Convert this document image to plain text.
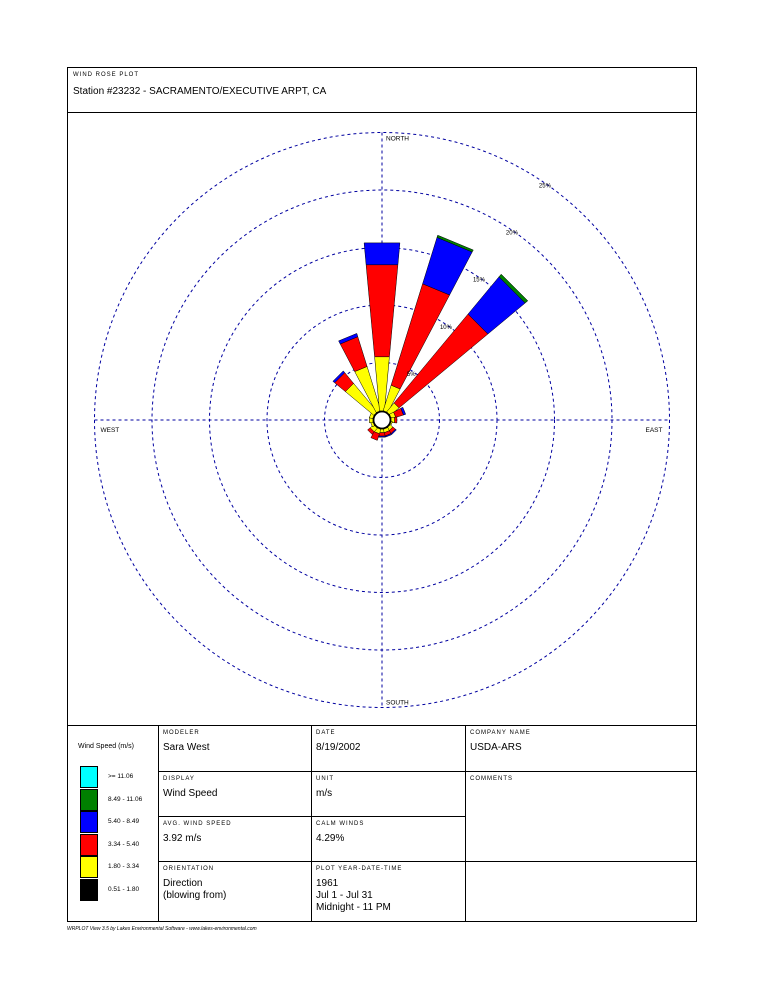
WIND ROSE PLOT
Station #23232 - SACRAMENTO/EXECUTIVE ARPT, CA
5%
10%
15%
20%
25%
NORTH
SOUTH
EAST
WEST
Wind Speed (m/s)
>= 11.06
8.49 - 11.06
5.40 - 8.49
3.34 - 5.40
1.80 - 3.34
0.51 - 1.80
MODELER
Sara West
DATE
8/19/2002
COMPANY NAME
USDA-ARS
DISPLAY
Wind Speed
UNIT
m/s
COMMENTS
AVG. WIND SPEED
3.92 m/s
CALM WINDS
4.29%
ORIENTATION
Direction
(blowing from)
PLOT YEAR-DATE-TIME
1961
Jul 1 - Jul 31
Midnight - 11 PM
WRPLOT View 3.5 by Lakes Environmental Software - www.lakes-environmental.com
